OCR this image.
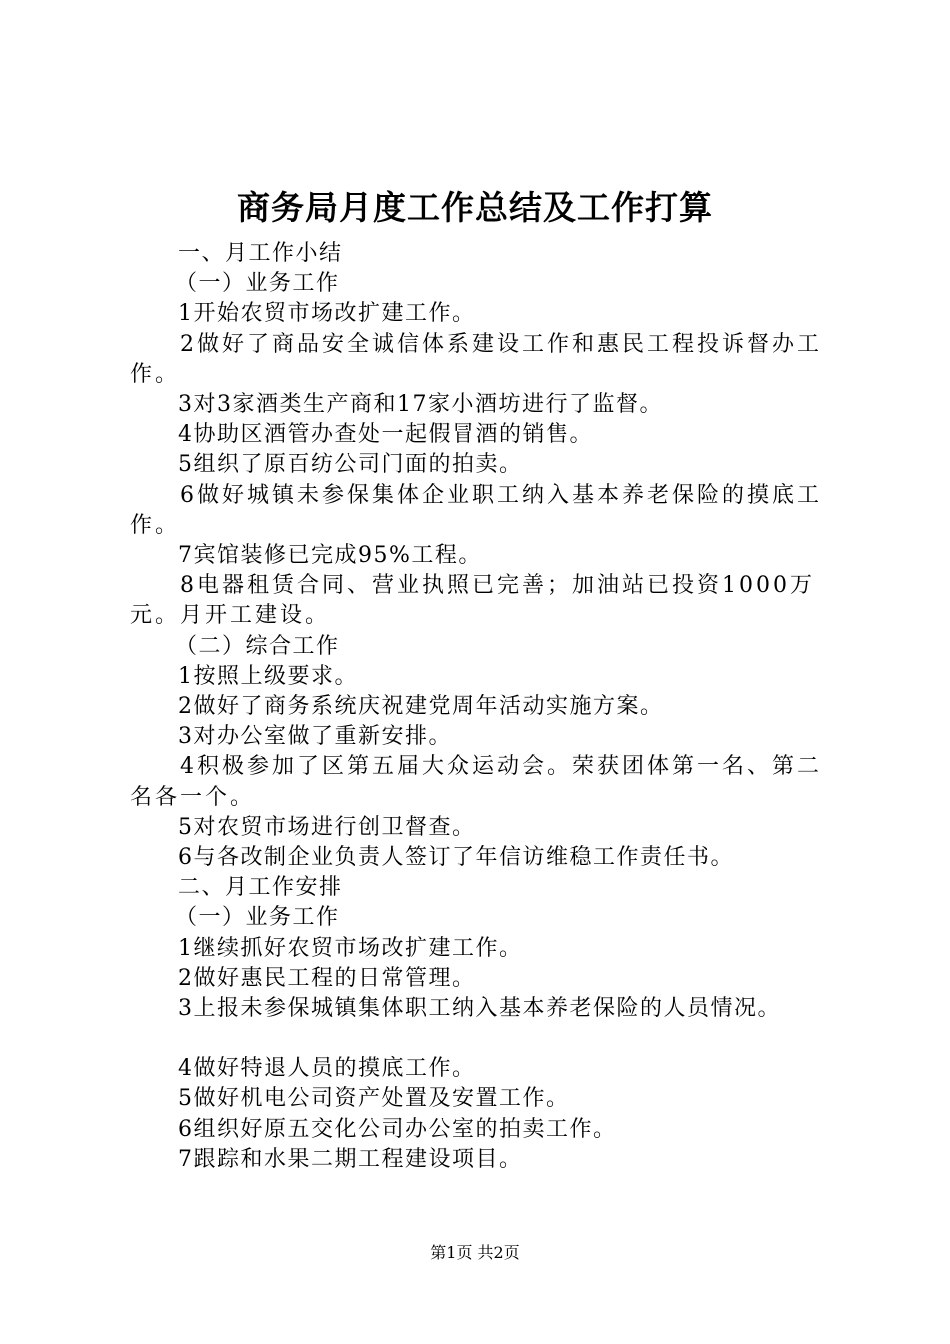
商务局月度工作总结及工作打算

一、月工作小结

（一）业务工作

1开始农贸市场改扩建工作。

2做好了商品安全诚信体系建设工作和惠民工程投诉督办工作。

3对3家酒类生产商和17家小酒坊进行了监督。

4协助区酒管办查处一起假冒酒的销售。

5组织了原百纺公司门面的拍卖。

6做好城镇未参保集体企业职工纳入基本养老保险的摸底工作。

7宾馆装修已完成95%工程。

8电器租赁合同、营业执照已完善；加油站已投资1000万元。月开工建设。

（二）综合工作

1按照上级要求。

2做好了商务系统庆祝建党周年活动实施方案。

3对办公室做了重新安排。

4积极参加了区第五届大众运动会。荣获团体第一名、第二名各一个。

5对农贸市场进行创卫督查。

6与各改制企业负责人签订了年信访维稳工作责任书。

二、月工作安排

（一）业务工作

1继续抓好农贸市场改扩建工作。

2做好惠民工程的日常管理。

3上报未参保城镇集体职工纳入基本养老保险的人员情况。

4做好特退人员的摸底工作。

5做好机电公司资产处置及安置工作。

6组织好原五交化公司办公室的拍卖工作。

7跟踪和水果二期工程建设项目。

第1页 共2页
